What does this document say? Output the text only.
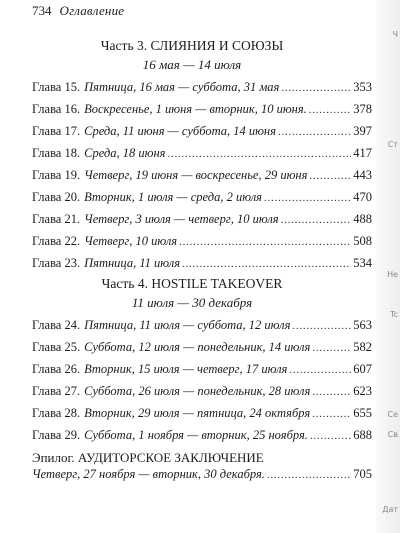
734 Оглавление
Часть 3. СЛИЯНИЯ И СОЮЗЫ
16 мая — 14 июля
Глава 15. Пятница, 16 мая — суббота, 31 мая . . .	353
Глава 16. Воскресенье, 1 июня — вторник, 10 июня. . . .	378
Глава 17. Среда, 11 июня — суббота, 14 июня . . .	397
Глава 18. Среда, 18 июня . . .	417
Глава 19. Четверг, 19 июня — воскресенье, 29 июня . . .	443
Глава 20. Вторник, 1 июля — среда, 2 июля . . .	470
Глава 21. Четверг, 3 июля — четверг, 10 июля . . .	488
Глава 22. Четверг, 10 июля . . .	508
Глава 23. Пятница, 11 июля . . .	534
Часть 4. HOSTILE TAKEOVER
11 июля — 30 декабря
Глава 24. Пятница, 11 июля — суббота, 12 июля . . .	563
Глава 25. Суббота, 12 июля — понедельник, 14 июля . . .	582
Глава 26. Вторник, 15 июля — четверг, 17 июля . . .	607
Глава 27. Суббота, 26 июля — понедельник, 28 июля . . .	623
Глава 28. Вторник, 29 июля — пятница, 24 октября . . .	655
Глава 29. Суббота, 1 ноября — вторник, 25 ноября. . . .	688
Эпилог. АУДИТОРСКОЕ ЗАКЛЮЧЕНИЕ
Четверг, 27 ноября — вторник, 30 декабря. . . .	705
Ч
Ст
He
Tc
Се
Cв
Дат
